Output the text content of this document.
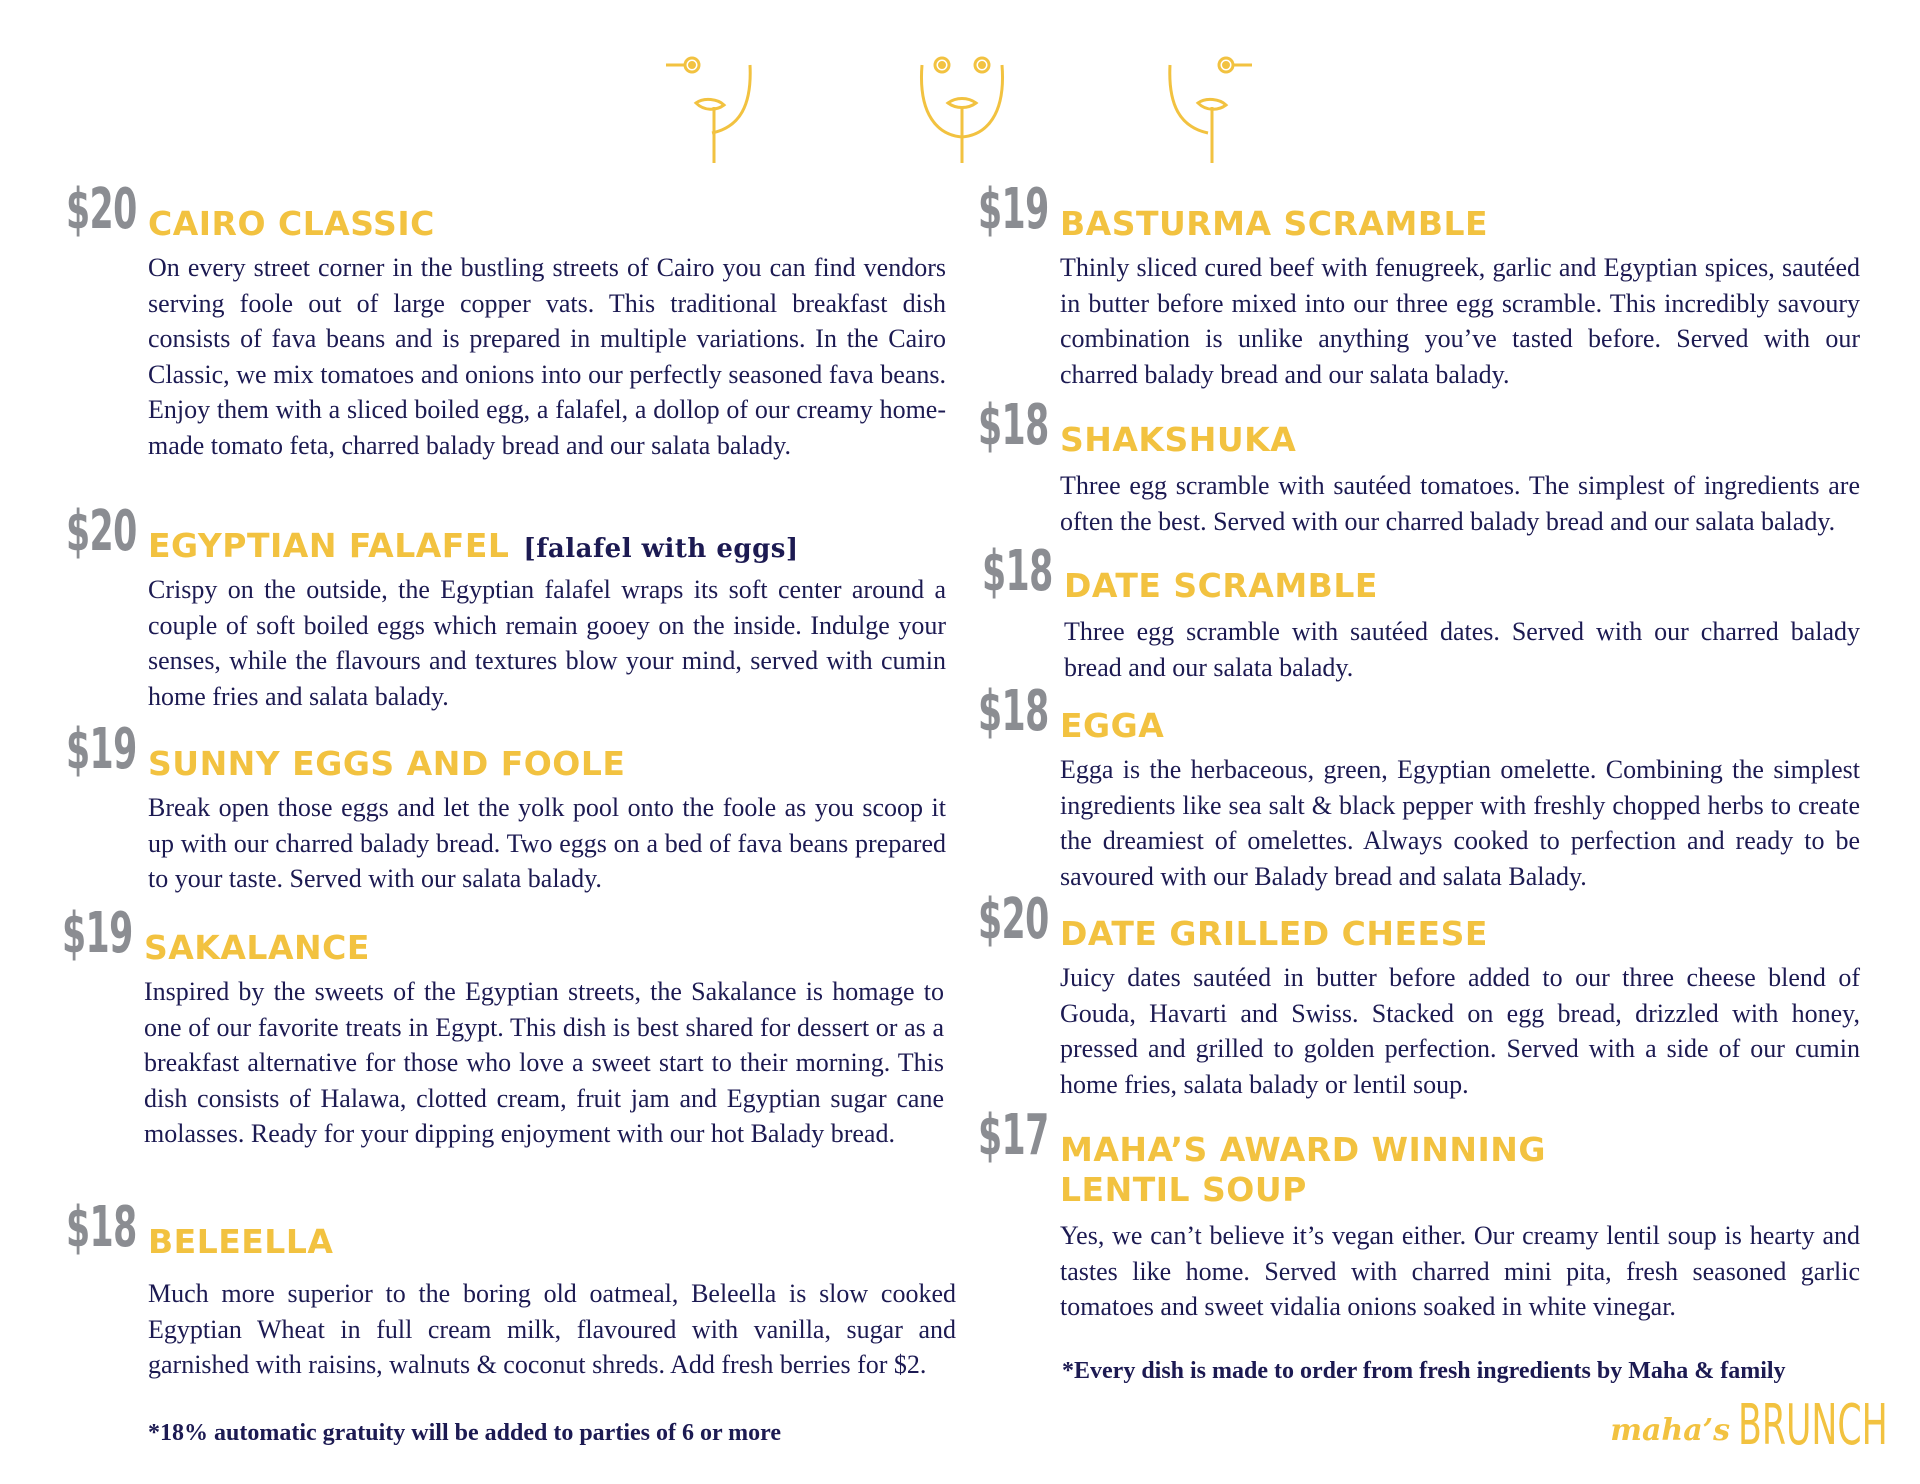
$20 CAIRO CLASSIC
On every street corner in the bustling streets of Cairo you can find vendors serving foole out of large copper vats. This traditional breakfast dish consists of fava beans and is prepared in multiple variations. In the Cairo Classic, we mix tomatoes and onions into our perfectly seasoned fava beans. Enjoy them with a sliced boiled egg, a falafel, a dollop of our creamy home-made tomato feta, charred balady bread and our salata balady.
$20 EGYPTIAN FALAFEL [falafel with eggs]
Crispy on the outside, the Egyptian falafel wraps its soft center around a couple of soft boiled eggs which remain gooey on the inside. Indulge your senses, while the flavours and textures blow your mind, served with cumin home fries and salata balady.
$19 SUNNY EGGS AND FOOLE
Break open those eggs and let the yolk pool onto the foole as you scoop it up with our charred balady bread. Two eggs on a bed of fava beans prepared to your taste. Served with our salata balady.
$19 SAKALANCE
Inspired by the sweets of the Egyptian streets, the Sakalance is homage to one of our favorite treats in Egypt. This dish is best shared for dessert or as a breakfast alternative for those who love a sweet start to their morning. This dish consists of Halawa, clotted cream, fruit jam and Egyptian sugar cane molasses. Ready for your dipping enjoyment with our hot Balady bread.
$18 BELEELLA
Much more superior to the boring old oatmeal, Beleella is slow cooked Egyptian Wheat in full cream milk, flavoured with vanilla, sugar and garnished with raisins, walnuts & coconut shreds. Add fresh berries for $2.
*18% automatic gratuity will be added to parties of 6 or more
$19 BASTURMA SCRAMBLE
Thinly sliced cured beef with fenugreek, garlic and Egyptian spices, sautéed in butter before mixed into our three egg scramble. This incredibly savoury combination is unlike anything you’ve tasted before. Served with our charred balady bread and our salata balady.
$18 SHAKSHUKA
Three egg scramble with sautéed tomatoes. The simplest of ingredients are often the best. Served with our charred balady bread and our salata balady.
$18 DATE SCRAMBLE
Three egg scramble with sautéed dates. Served with our charred balady bread and our salata balady.
$18 EGGA
Egga is the herbaceous, green, Egyptian omelette. Combining the simplest ingredients like sea salt & black pepper with freshly chopped herbs to create the dreamiest of omelettes. Always cooked to perfection and ready to be savoured with our Balady bread and salata Balady.
$20 DATE GRILLED CHEESE
Juicy dates sautéed in butter before added to our three cheese blend of Gouda, Havarti and Swiss. Stacked on egg bread, drizzled with honey, pressed and grilled to golden perfection. Served with a side of our cumin home fries, salata balady or lentil soup.
$17 MAHA’S AWARD WINNING
LENTIL SOUP
Yes, we can’t believe it’s vegan either. Our creamy lentil soup is hearty and tastes like home. Served with charred mini pita, fresh seasoned garlic tomatoes and sweet vidalia onions soaked in white vinegar.
*Every dish is made to order from fresh ingredients by Maha & family
maha’s BRUNCH
